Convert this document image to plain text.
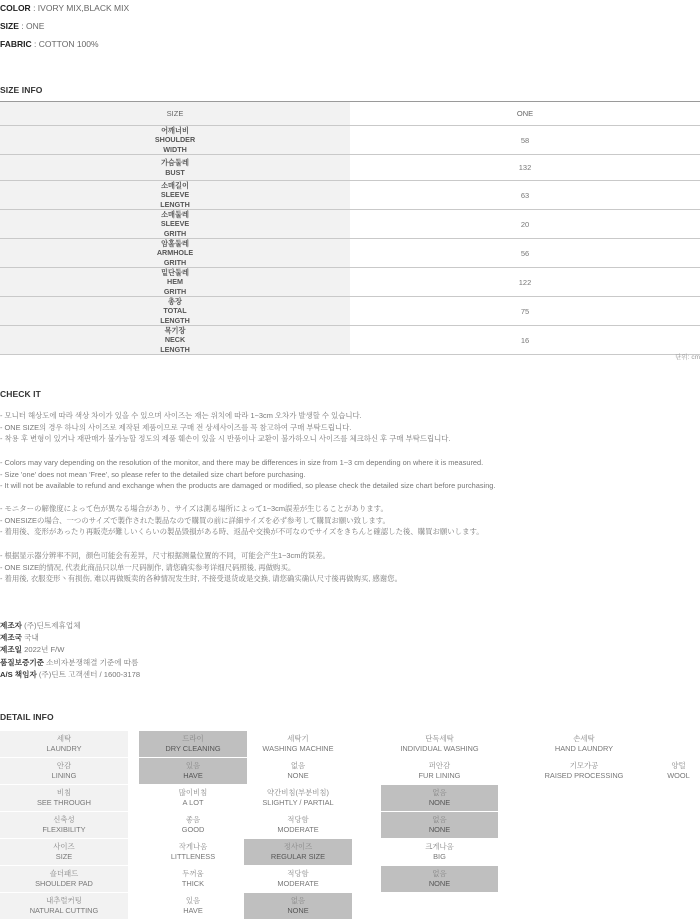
COLOR : IVORY MIX,BLACK MIX
SIZE : ONE
FABRIC : COTTON 100%
SIZE INFO
SIZE	ONE
어깨너비
SHOULDER
WIDTH
58
가슴둘레
BUST	132
소매길이
SLEEVE
LENGTH
63
소매둘레
SLEEVE
GRITH
20
암홀둘레
ARMHOLE
GRITH
56
밑단둘레
HEM
GRITH
122
총장
TOTAL
LENGTH
75
목기장
NECK
LENGTH
16
단위: cm
CHECK IT
- 모니터 해상도에 따라 색상 차이가 있을 수 있으며 사이즈는 재는 위치에 따라 1~3cm 오차가 발생할 수 있습니다.
- ONE SIZE의 경우 하나의 사이즈로 제작된 제품이므로 구매 전 상세사이즈를 꼭 참고하여 구매 부탁드립니다.
- 착용 후 변형이 있거나 재판매가 불가능할 정도의 제품 훼손이 있을 시 반품이나 교환이 불가하오니 사이즈를 체크하신 후 구매 부탁드립니다.
- Colors may vary depending on the resolution of the monitor, and there may be differences in size from 1~3 cm depending on where it is measured.
- Size 'one' does not mean 'Free', so please refer to the detailed size chart before purchasing.
- It will not be available to refund and exchange when the products are damaged or modified, so please check the detailed size chart before purchasing.
- モニターの解像度によって色が異なる場合があり、サイズは測る場所によって1~3cm誤差が生じることがあります。
- ONESIZEの場合、一つのサイズで製作された製品なので購買の前に詳細サイズを必ず参考して購買お願い致します。
- 着用後、変形があったり再販売が難しいくらいの製品毀損がある時、返品や交換が不可なのでサイズをきちんと確認した後、購買お願いします。
- 根据显示器分辨率不同，颜色可能会有差异，尺寸根据测量位置的不同，可能会产生1~3cm的误差。
- ONE SIZE的情况, 代表此商品只以单一尺码制作, 请您确实参考详细尺码照後, 再做购买。
- 着用後, 衣服変形丶有损伤, 难以再做贩卖的各种情况发生时, 不接受退货或是交换, 请您确实确认尺寸後再做购买, 感谢您。
제조자 (주)딘트제휴업체
제조국 국내
제조일 2022년 F/W
품질보증기준 소비자분쟁해결 기준에 따름
A/S 책임자 (주)딘트 고객센터 / 1600-3178
DETAIL INFO
세탁
LAUNDRY
드라이
DRY CLEANING
세탁기
WASHING MACHINE
단독세탁
INDIVIDUAL WASHING
손세탁
HAND LAUNDRY
안감
LINING
있음
HAVE
없음
NONE
퍼안감
FUR LINING
기모가공
RAISED PROCESSING
양털
WOOL
비침
SEE THROUGH
많이비침
A LOT
약간비침(부분비침)
SLIGHTLY / PARTIAL
없음
NONE
신축성
FLEXIBILITY
좋음
GOOD
적당함
MODERATE
없음
NONE
사이즈
SIZE
작게나옴
LITTLENESS
정사이즈
REGULAR SIZE
크게나옴
BIG
숄더패드
SHOULDER PAD
두꺼움
THICK
적당함
MODERATE
없음
NONE
내추럴커팅
NATURAL CUTTING
있음
HAVE
없음
NONE
